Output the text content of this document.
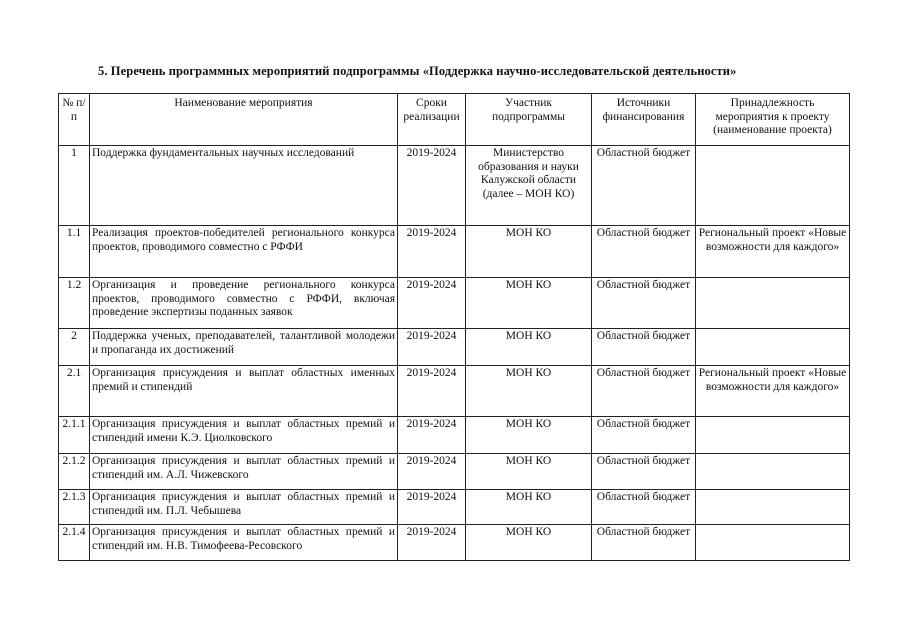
5. Перечень программных мероприятий подпрограммы «Поддержка научно-исследовательской деятельности»
№ п/п	Наименование мероприятия	Сроки реализации	Участник подпрограммы	Источники финансирования	Принадлежность мероприятия к проекту (наименование проекта)
1	Поддержка фундаментальных научных исследований	2019-2024	Министерство образования и науки Калужской области (далее – МОН КО)	Областной бюджет	
1.1	Реализация проектов-победителей регионального конкурса проектов, проводимого совместно с РФФИ	2019-2024	МОН КО	Областной бюджет	Региональный проект «Новые возможности для каждого»
1.2	Организация и проведение регионального конкурса проектов, проводимого совместно с РФФИ, включая проведение экспертизы поданных заявок	2019-2024	МОН КО	Областной бюджет	
2	Поддержка ученых, преподавателей, талантливой молодежи и пропаганда их достижений	2019-2024	МОН КО	Областной бюджет	
2.1	Организация присуждения и выплат областных именных премий и стипендий	2019-2024	МОН КО	Областной бюджет	Региональный проект «Новые возможности для каждого»
2.1.1	Организация присуждения и выплат областных премий и стипендий имени К.Э. Циолковского	2019-2024	МОН КО	Областной бюджет	
2.1.2	Организация присуждения и выплат областных премий и стипендий им. А.Л. Чижевского	2019-2024	МОН КО	Областной бюджет	
2.1.3	Организация присуждения и выплат областных премий и стипендий им. П.Л. Чебышева	2019-2024	МОН КО	Областной бюджет	
2.1.4	Организация присуждения и выплат областных премий и стипендий им. Н.В. Тимофеева-Ресовского	2019-2024	МОН КО	Областной бюджет	
